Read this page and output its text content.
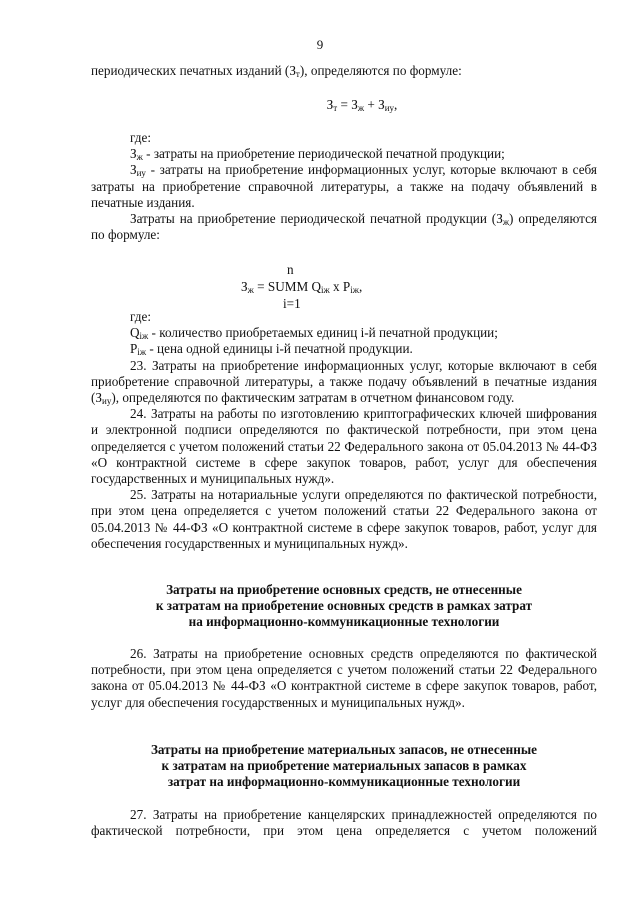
9

периодических печатных изданий $(З_т)$, определяются по формуле:

$З_т = З_ж + З_{иу}$,

где:

$З_ж$ - затраты на приобретение периодической печатной продукции;

$З_{иу}$ - затраты на приобретение информационных услуг, которые включают в себя затраты на приобретение справочной литературы, а также на подачу объявлений в печатные издания.

Затраты на приобретение периодической печатной продукции $(З_ж)$ определяются по формуле:

n
$З_ж$ = SUMM $Q_{iж}$ x $P_{iж}$,
i=1

где:

$Q_{iж}$ - количество приобретаемых единиц i-й печатной продукции;

$P_{iж}$ - цена одной единицы i-й печатной продукции.

23. Затраты на приобретение информационных услуг, которые включают в себя приобретение справочной литературы, а также подачу объявлений в печатные издания $(З_{иу})$, определяются по фактическим затратам в отчетном финансовом году.

24. Затраты на работы по изготовлению криптографических ключей шифрования и электронной подписи определяются по фактической потребности, при этом цена определяется с учетом положений статьи 22 Федерального закона от 05.04.2013 № 44-ФЗ «О контрактной системе в сфере закупок товаров, работ, услуг для обеспечения государственных и муниципальных нужд».

25. Затраты на нотариальные услуги определяются по фактической потребности, при этом цена определяется с учетом положений статьи 22 Федерального закона от 05.04.2013 № 44-ФЗ «О контрактной системе в сфере закупок товаров, работ, услуг для обеспечения государственных и муниципальных нужд».

Затраты на приобретение основных средств, не отнесенные

к затратам на приобретение основных средств в рамках затрат

на информационно-коммуникационные технологии

26. Затраты на приобретение основных средств определяются по фактической потребности, при этом цена определяется с учетом положений статьи 22 Федерального закона от 05.04.2013 № 44-ФЗ «О контрактной системе в сфере закупок товаров, работ, услуг для обеспечения государственных и муниципальных нужд».

Затраты на приобретение материальных запасов, не отнесенные

к затратам на приобретение материальных запасов в рамках

затрат на информационно-коммуникационные технологии

27. Затраты на приобретение канцелярских принадлежностей определяются по фактической потребности, при этом цена определяется с учетом положений
